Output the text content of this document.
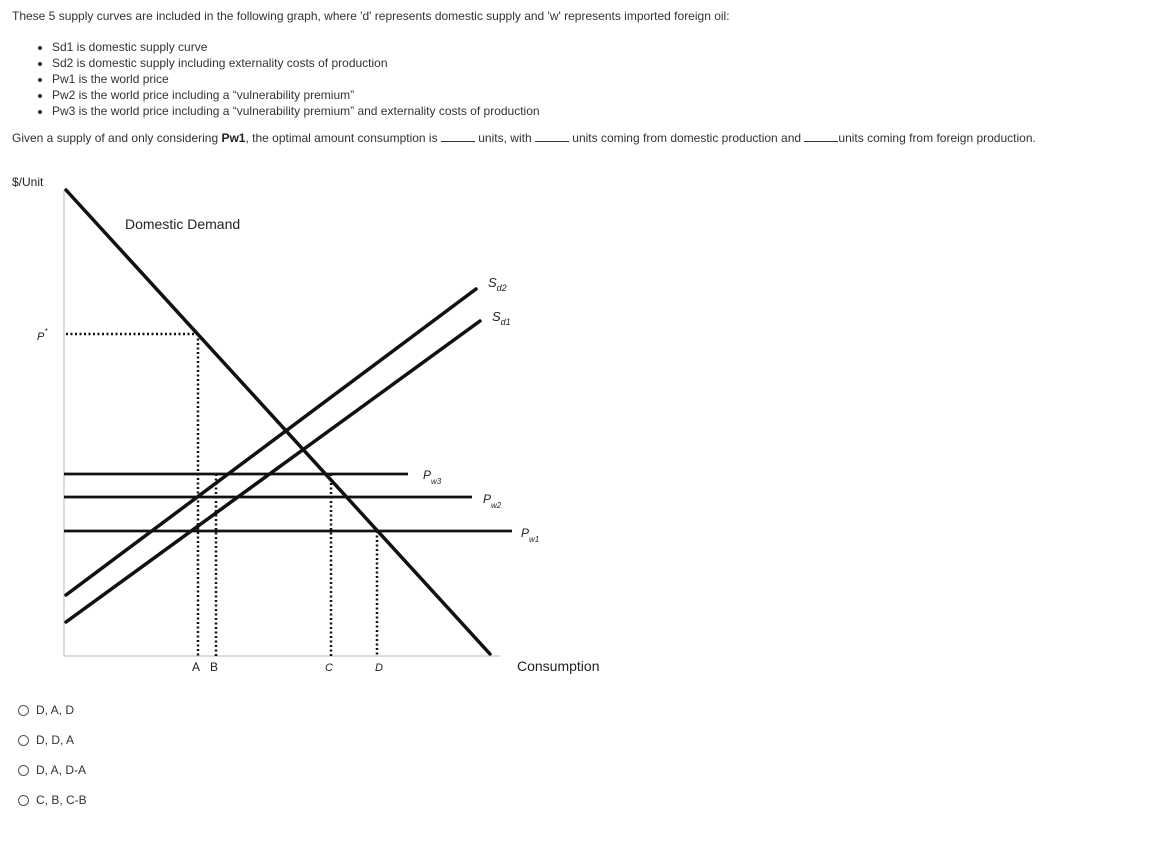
These 5 supply curves are included in the following graph, where 'd' represents domestic supply and 'w' represents imported foreign oil:

• Sd1 is domestic supply curve
• Sd2 is domestic supply including externality costs of production
• Pw1 is the world price
• Pw2 is the world price including a “vulnerability premium”
• Pw3 is the world price including a “vulnerability premium” and externality costs of production

Given a supply of and only considering Pw1, the optimal amount consumption is	units, with	units coming from domestic production and	units coming from foreign production.

$/Unit
Domestic Demand
P*
$S_{d2}$
$S_{d1}$
$P_{w3}$
$P_{w2}$
$P_{w1}$
A B	C	D	Consumption
D, A, D
D, D, A
D, A, D-A
C, B, C-B
